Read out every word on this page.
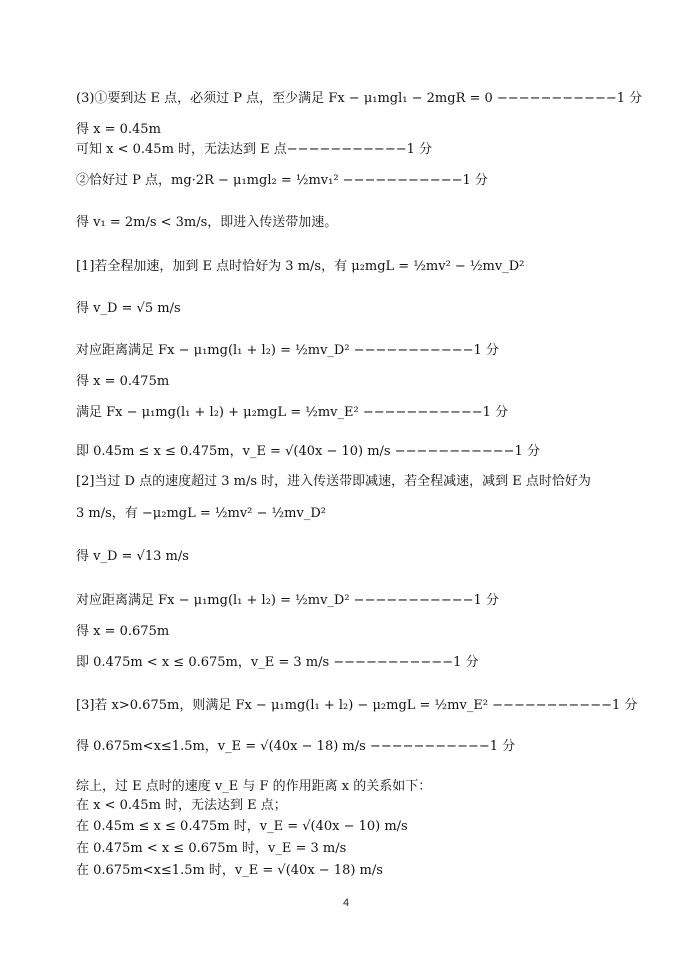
(3)①要到达 E 点，必须过 P 点，至少满足 Fx − μ₁mgl₁ − 2mgR = 0 −−−−−−−−−−−1 分
得 x = 0.45m
可知 x < 0.45m 时，无法达到 E 点−−−−−−−−−−−1 分
②恰好过 P 点，mg·2R − μ₁mgl₂ = ½mv₁² −−−−−−−−−−−1 分
得 v₁ = 2m/s < 3m/s，即进入传送带加速。
[1]若全程加速，加到 E 点时恰好为 3 m/s，有 μ₂mgL = ½mv² − ½mv_D²
得 v_D = √5 m/s
对应距离满足 Fx − μ₁mg(l₁ + l₂) = ½mv_D² −−−−−−−−−−−1 分
得 x = 0.475m
满足 Fx − μ₁mg(l₁ + l₂) + μ₂mgL = ½mv_E² −−−−−−−−−−−1 分
即 0.45m ≤ x ≤ 0.475m，v_E = √(40x − 10) m/s −−−−−−−−−−−1 分
[2]当过 D 点的速度超过 3 m/s 时，进入传送带即减速，若全程减速，减到 E 点时恰好为
3 m/s，有 −μ₂mgL = ½mv² − ½mv_D²
得 v_D = √13 m/s
对应距离满足 Fx − μ₁mg(l₁ + l₂) = ½mv_D² −−−−−−−−−−−1 分
得 x = 0.675m
即 0.475m < x ≤ 0.675m，v_E = 3 m/s −−−−−−−−−−−1 分
[3]若 x>0.675m，则满足 Fx − μ₁mg(l₁ + l₂) − μ₂mgL = ½mv_E² −−−−−−−−−−−1 分
得 0.675m<x≤1.5m，v_E = √(40x − 18) m/s −−−−−−−−−−−1 分
综上，过 E 点时的速度 v_E 与 F 的作用距离 x 的关系如下：
在 x < 0.45m 时，无法达到 E 点；
在 0.45m ≤ x ≤ 0.475m 时，v_E = √(40x − 10) m/s
在 0.475m < x ≤ 0.675m 时，v_E = 3 m/s
在 0.675m<x≤1.5m 时，v_E = √(40x − 18) m/s
4
